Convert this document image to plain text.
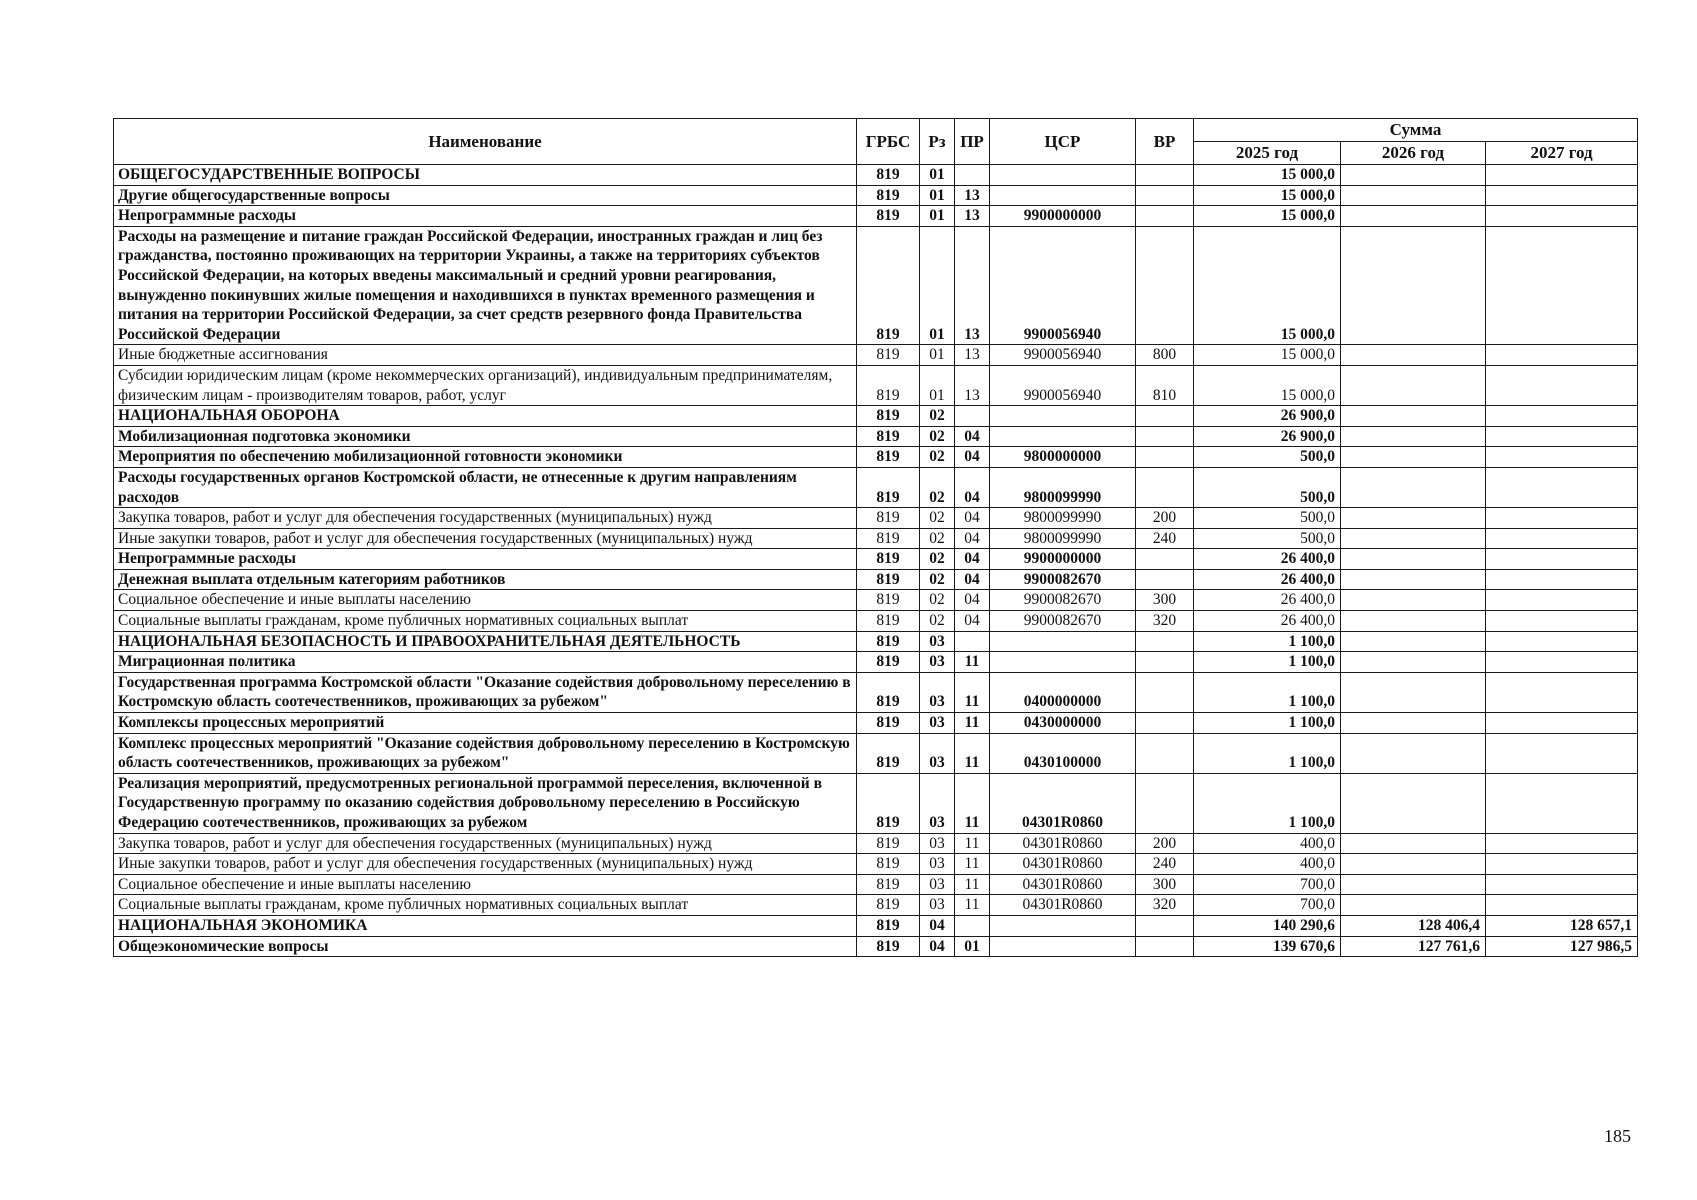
Наименование	ГРБС	Рз	ПР	ЦСР	ВР	Сумма		
						2025 год	2026 год	2027 год
ОБЩЕГОСУДАРСТВЕННЫЕ ВОПРОСЫ	819	01				15 000,0		
Другие общегосударственные вопросы	819	01	13			15 000,0		
Непрограммные расходы	819	01	13	9900000000		15 000,0		
Расходы на размещение и питание граждан Российской Федерации, иностранных граждан и лиц без гражданства, постоянно проживающих на территории Украины, а также на территориях субъектов Российской Федерации, на которых введены максимальный и средний уровни реагирования, вынужденно покинувших жилые помещения и находившихся в пунктах временного размещения и питания на территории Российской Федерации, за счет средств резервного фонда Правительства Российской Федерации	819	01	13	9900056940		15 000,0		
Иные бюджетные ассигнования	819	01	13	9900056940	800	15 000,0		
Субсидии юридическим лицам (кроме некоммерческих организаций), индивидуальным предпринимателям, физическим лицам - производителям товаров, работ, услуг	819	01	13	9900056940	810	15 000,0		
НАЦИОНАЛЬНАЯ ОБОРОНА	819	02				26 900,0		
Мобилизационная подготовка экономики	819	02	04			26 900,0		
Мероприятия по обеспечению мобилизационной готовности экономики	819	02	04	9800000000		500,0		
Расходы государственных органов Костромской области, не отнесенные к другим направлениям расходов	819	02	04	9800099990		500,0		
Закупка товаров, работ и услуг для обеспечения государственных (муниципальных) нужд	819	02	04	9800099990	200	500,0		
Иные закупки товаров, работ и услуг для обеспечения государственных (муниципальных) нужд	819	02	04	9800099990	240	500,0		
Непрограммные расходы	819	02	04	9900000000		26 400,0		
Денежная выплата отдельным категориям работников	819	02	04	9900082670		26 400,0		
Социальное обеспечение и иные выплаты населению	819	02	04	9900082670	300	26 400,0		
Социальные выплаты гражданам, кроме публичных нормативных социальных выплат	819	02	04	9900082670	320	26 400,0		
НАЦИОНАЛЬНАЯ БЕЗОПАСНОСТЬ И ПРАВООХРАНИТЕЛЬНАЯ ДЕЯТЕЛЬНОСТЬ	819	03				1 100,0		
Миграционная политика	819	03	11			1 100,0		
Государственная программа Костромской области "Оказание содействия добровольному переселению в Костромскую область соотечественников, проживающих за рубежом"	819	03	11	0400000000		1 100,0		
Комплексы процессных мероприятий	819	03	11	0430000000		1 100,0		
Комплекс процессных мероприятий "Оказание содействия добровольному переселению в Костромскую область соотечественников, проживающих за рубежом"	819	03	11	0430100000		1 100,0		
Реализация мероприятий, предусмотренных региональной программой переселения, включенной в Государственную программу по оказанию содействия добровольному переселению в Российскую Федерацию соотечественников, проживающих за рубежом	819	03	11	04301R0860		1 100,0		
Закупка товаров, работ и услуг для обеспечения государственных (муниципальных) нужд	819	03	11	04301R0860	200	400,0		
Иные закупки товаров, работ и услуг для обеспечения государственных (муниципальных) нужд	819	03	11	04301R0860	240	400,0		
Социальное обеспечение и иные выплаты населению	819	03	11	04301R0860	300	700,0		
Социальные выплаты гражданам, кроме публичных нормативных социальных выплат	819	03	11	04301R0860	320	700,0		
НАЦИОНАЛЬНАЯ ЭКОНОМИКА	819	04				140 290,6	128 406,4	128 657,1
Общеэкономические вопросы	819	04	01			139 670,6	127 761,6	127 986,5
185
